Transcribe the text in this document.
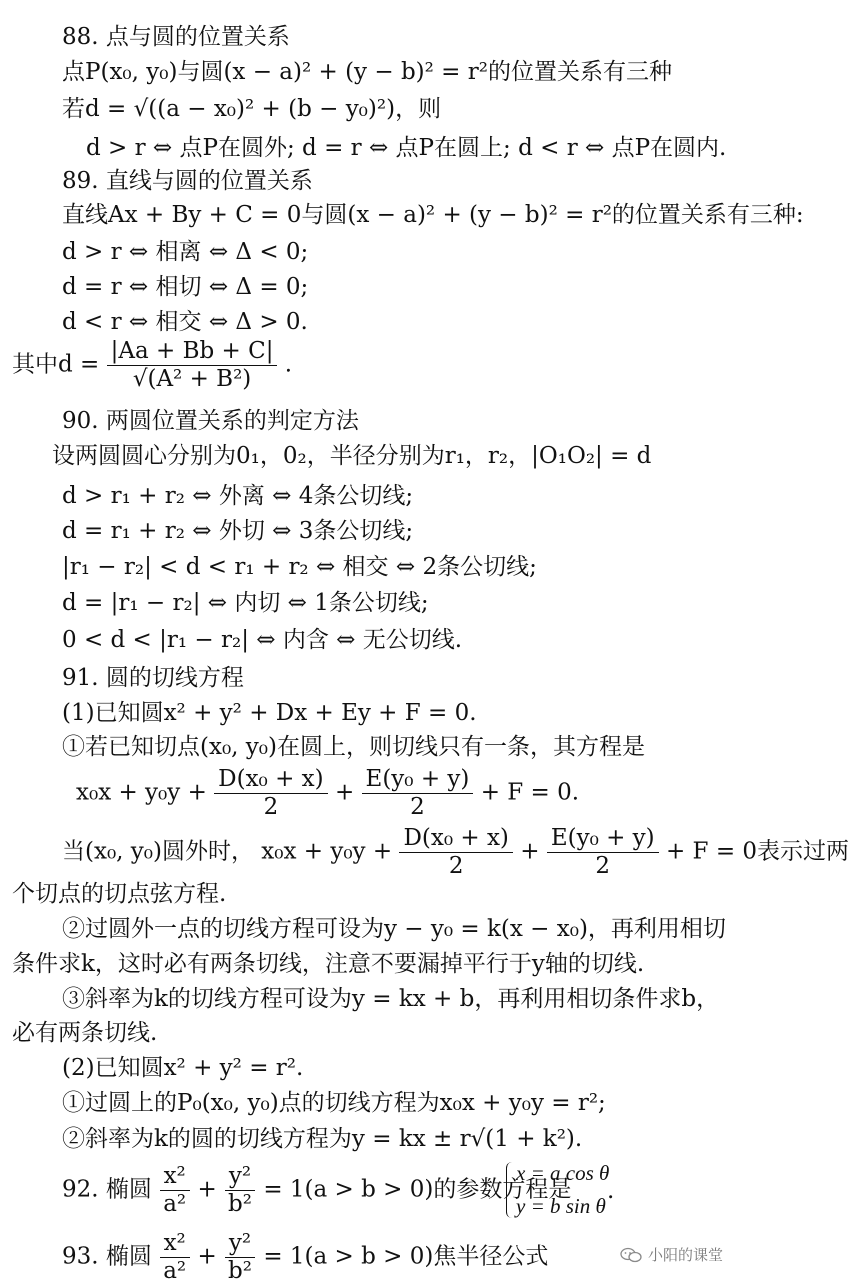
88. 点与圆的位置关系
点P(x₀, y₀)与圆(x − a)² + (y − b)² = r²的位置关系有三种
若d = √((a − x₀)² + (b − y₀)²)，则
d > r ⇔ 点P在圆外; d = r ⇔ 点P在圆上; d < r ⇔ 点P在圆内.
89. 直线与圆的位置关系
直线Ax + By + C = 0与圆(x − a)² + (y − b)² = r²的位置关系有三种:
d > r ⇔ 相离 ⇔ Δ < 0;
d = r ⇔ 相切 ⇔ Δ = 0;
d < r ⇔ 相交 ⇔ Δ > 0.
其中$d = \frac{|Aa + Bb + C|}{\text{√(A² + B²)}}$ .
90. 两圆位置关系的判定方法
设两圆圆心分别为0₁，0₂，半径分别为r₁，r₂，|O₁O₂| = d
d > r₁ + r₂ ⇔ 外离 ⇔ 4条公切线;
d = r₁ + r₂ ⇔ 外切 ⇔ 3条公切线;
|r₁ − r₂| < d < r₁ + r₂ ⇔ 相交 ⇔ 2条公切线;
d = |r₁ − r₂| ⇔ 内切 ⇔ 1条公切线;
0 < d < |r₁ − r₂| ⇔ 内含 ⇔ 无公切线.
91. 圆的切线方程
(1)已知圆x² + y² + Dx + Ey + F = 0.
①若已知切点(x₀, y₀)在圆上，则切线只有一条，其方程是
$x_0x + y_0y + \frac{\text{D(x₀ + x)}}{2} + \frac{\text{E(y₀ + y)}}{2} + F = 0$.
当(x₀, y₀)圆外时， $x_0x + y_0y + \frac{\text{D(x₀ + x)}}{2} + \frac{\text{E(y₀ + y)}}{2} + F = 0$表示过两
个切点的切点弦方程.
②过圆外一点的切线方程可设为y − y₀ = k(x − x₀)，再利用相切
条件求k，这时必有两条切线，注意不要漏掉平行于y轴的切线.
③斜率为k的切线方程可设为y = kx + b，再利用相切条件求b，
必有两条切线.
(2)已知圆x² + y² = r².
①过圆上的P₀(x₀, y₀)点的切线方程为x₀x + y₀y = r²;
②斜率为k的圆的切线方程为y = kx ± r√(1 + k²).
92. 椭圆 $\frac{\text{x²}}{\text{a²}} + \frac{\text{y²}}{\text{b²}} = 1(a > b > 0)$的参数方程是
x = a cos θ
y = b sin θ
.
93. 椭圆 $\frac{\text{x²}}{\text{a²}} + \frac{\text{y²}}{\text{b²}} = 1(a > b > 0)$焦半径公式	小阳的课堂
